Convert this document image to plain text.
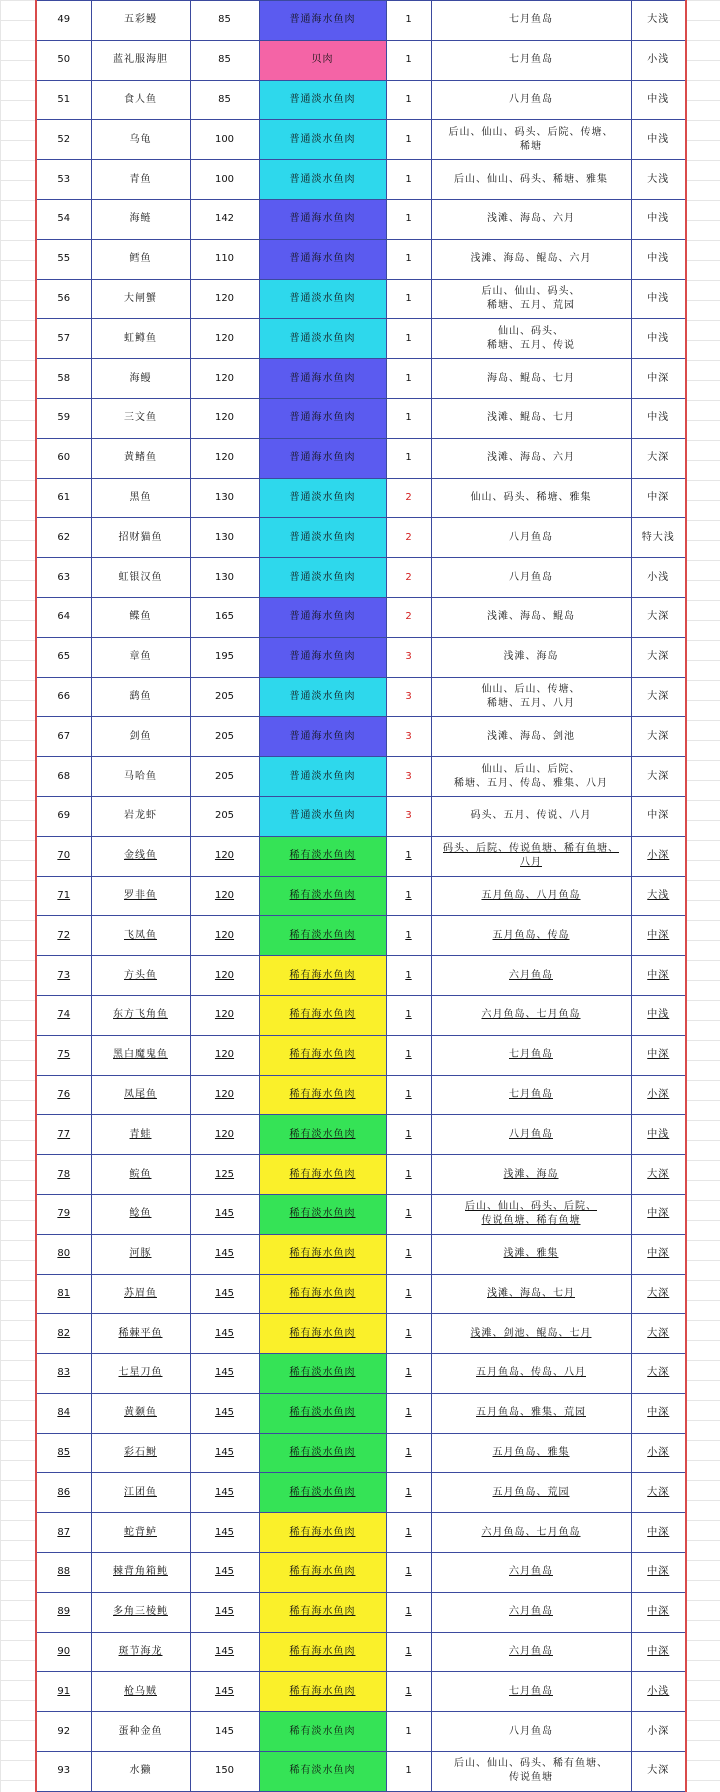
49	五彩鳗	85	普通海水鱼肉	1	七月鱼岛	大浅
50	蓝礼服海胆	85	贝肉	1	七月鱼岛	小浅
51	食人鱼	85	普通淡水鱼肉	1	八月鱼岛	中浅
52	乌龟	100	普通淡水鱼肉	1	后山、仙山、码头、后院、传塘、
稀塘	中浅
53	青鱼	100	普通淡水鱼肉	1	后山、仙山、码头、稀塘、雅集	大浅
54	海鲢	142	普通海水鱼肉	1	浅滩、海岛、六月	中浅
55	鳕鱼	110	普通海水鱼肉	1	浅滩、海岛、鲲岛、六月	中浅
56	大闸蟹	120	普通淡水鱼肉	1	后山、仙山、码头、
稀塘、五月、荒园	中浅
57	虹鳟鱼	120	普通淡水鱼肉	1	仙山、码头、
稀塘、五月、传说	中浅
58	海鳗	120	普通海水鱼肉	1	海岛、鲲岛、七月	中深
59	三文鱼	120	普通海水鱼肉	1	浅滩、鲲岛、七月	中浅
60	黄鳍鱼	120	普通海水鱼肉	1	浅滩、海岛、六月	大深
61	黑鱼	130	普通淡水鱼肉	2	仙山、码头、稀塘、雅集	中深
62	招财猫鱼	130	普通淡水鱼肉	2	八月鱼岛	特大浅
63	虹银汉鱼	130	普通淡水鱼肉	2	八月鱼岛	小浅
64	鲽鱼	165	普通海水鱼肉	2	浅滩、海岛、鲲岛	大深
65	章鱼	195	普通海水鱼肉	3	浅滩、海岛	大深
66	鹞鱼	205	普通淡水鱼肉	3	仙山、后山、传塘、
稀塘、五月、八月	大深
67	剑鱼	205	普通海水鱼肉	3	浅滩、海岛、剑池	大深
68	马哈鱼	205	普通淡水鱼肉	3	仙山、后山、后院、
稀塘、五月、传岛、雅集、八月	大深
69	岩龙虾	205	普通淡水鱼肉	3	码头、五月、传说、八月	中深
70	金线鱼	120	稀有淡水鱼肉	1	码头、后院、传说鱼塘、稀有鱼塘、
八月	小深
71	罗非鱼	120	稀有淡水鱼肉	1	五月鱼岛、八月鱼岛	大浅
72	飞凤鱼	120	稀有淡水鱼肉	1	五月鱼岛、传岛	中深
73	方头鱼	120	稀有海水鱼肉	1	六月鱼岛	中深
74	东方飞角鱼	120	稀有海水鱼肉	1	六月鱼岛、七月鱼岛	中浅
75	黑白魔鬼鱼	120	稀有海水鱼肉	1	七月鱼岛	中深
76	凤尾鱼	120	稀有海水鱼肉	1	七月鱼岛	小深
77	青蛙	120	稀有淡水鱼肉	1	八月鱼岛	中浅
78	鲩鱼	125	稀有海水鱼肉	1	浅滩、海岛	大深
79	鲶鱼	145	稀有淡水鱼肉	1	后山、仙山、码头、后院、
传说鱼塘、稀有鱼塘	中深
80	河豚	145	稀有海水鱼肉	1	浅滩、雅集	中深
81	苏眉鱼	145	稀有海水鱼肉	1	浅滩、海岛、七月	大深
82	稀棘平鱼	145	稀有海水鱼肉	1	浅滩、剑池、鲲岛、七月	大深
83	七星刀鱼	145	稀有淡水鱼肉	1	五月鱼岛、传岛、八月	大深
84	黄颡鱼	145	稀有淡水鱼肉	1	五月鱼岛、雅集、荒园	中深
85	彩石鲥	145	稀有淡水鱼肉	1	五月鱼岛、雅集	小深
86	江团鱼	145	稀有淡水鱼肉	1	五月鱼岛、荒园	大深
87	蛇背鲈	145	稀有海水鱼肉	1	六月鱼岛、七月鱼岛	中深
88	棘背角箱鲀	145	稀有海水鱼肉	1	六月鱼岛	中深
89	多角三棱鲀	145	稀有海水鱼肉	1	六月鱼岛	中深
90	斑节海龙	145	稀有海水鱼肉	1	六月鱼岛	中深
91	枪乌贼	145	稀有海水鱼肉	1	七月鱼岛	小浅
92	蛋种金鱼	145	稀有淡水鱼肉	1	八月鱼岛	小深
93	水獭	150	稀有淡水鱼肉	1	后山、仙山、码头、稀有鱼塘、
传说鱼塘	大深
